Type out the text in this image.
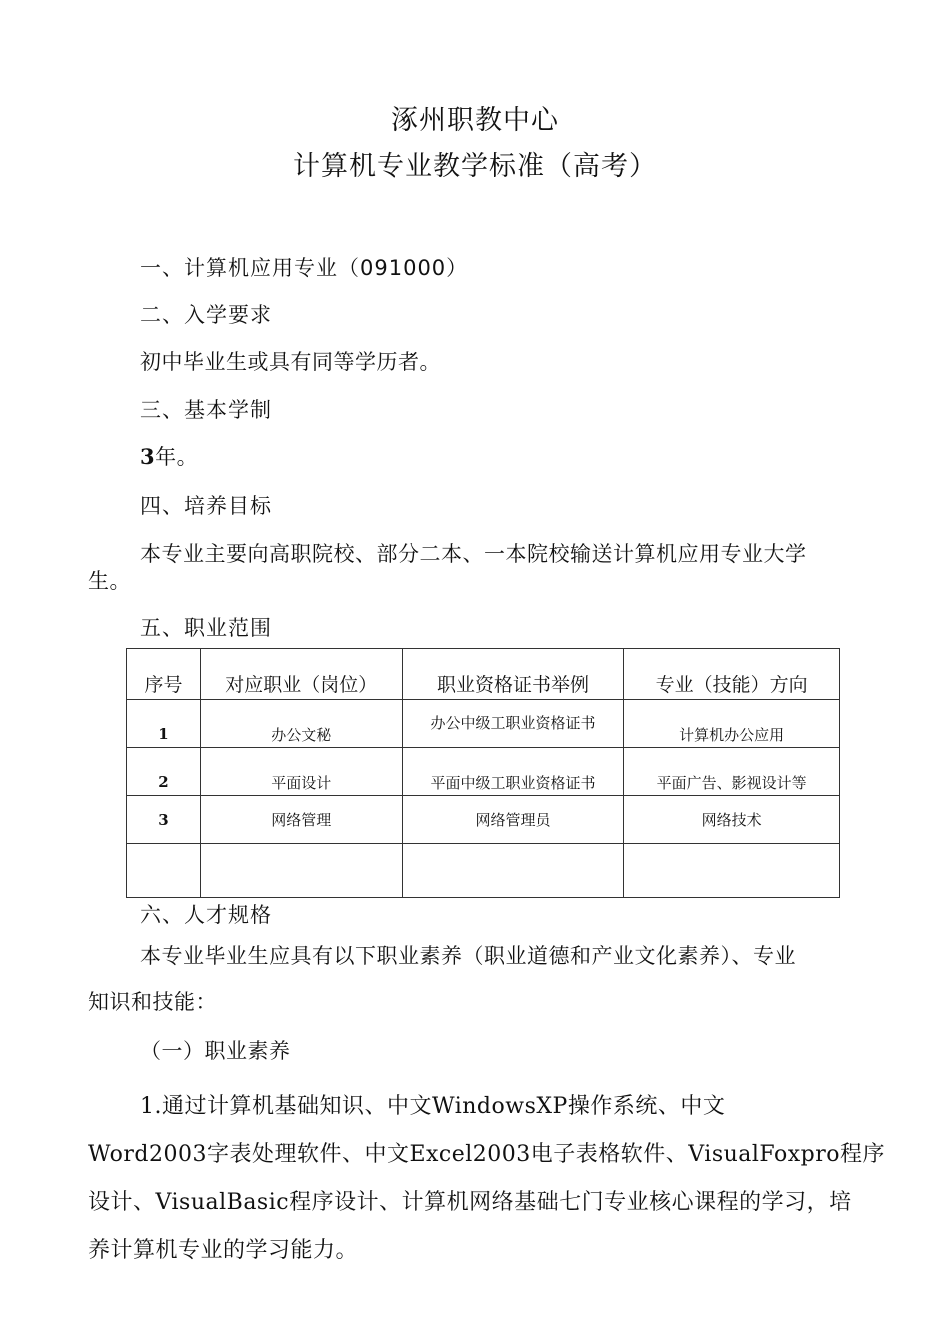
涿州职教中心
计算机专业教学标准（高考）
一、计算机应用专业（091000）
二、入学要求
初中毕业生或具有同等学历者。
三、基本学制
3年。
四、培养目标
本专业主要向高职院校、部分二本、一本院校输送计算机应用专业大学
生。
五、职业范围
序号	对应职业（岗位）	职业资格证书举例	专业（技能）方向
1	办公文秘	办公中级工职业资格证书	计算机办公应用
2	平面设计	平面中级工职业资格证书	平面广告、影视设计等
3	网络管理	网络管理员	网络技术

六、人才规格
本专业毕业生应具有以下职业素养（职业道德和产业文化素养）、专业
知识和技能：
（一）职业素养
1.通过计算机基础知识、中文WindowsXP操作系统、中文
Word2003字表处理软件、中文Excel2003电子表格软件、VisualFoxpro程序
设计、VisualBasic程序设计、计算机网络基础七门专业核心课程的学习，培
养计算机专业的学习能力。
